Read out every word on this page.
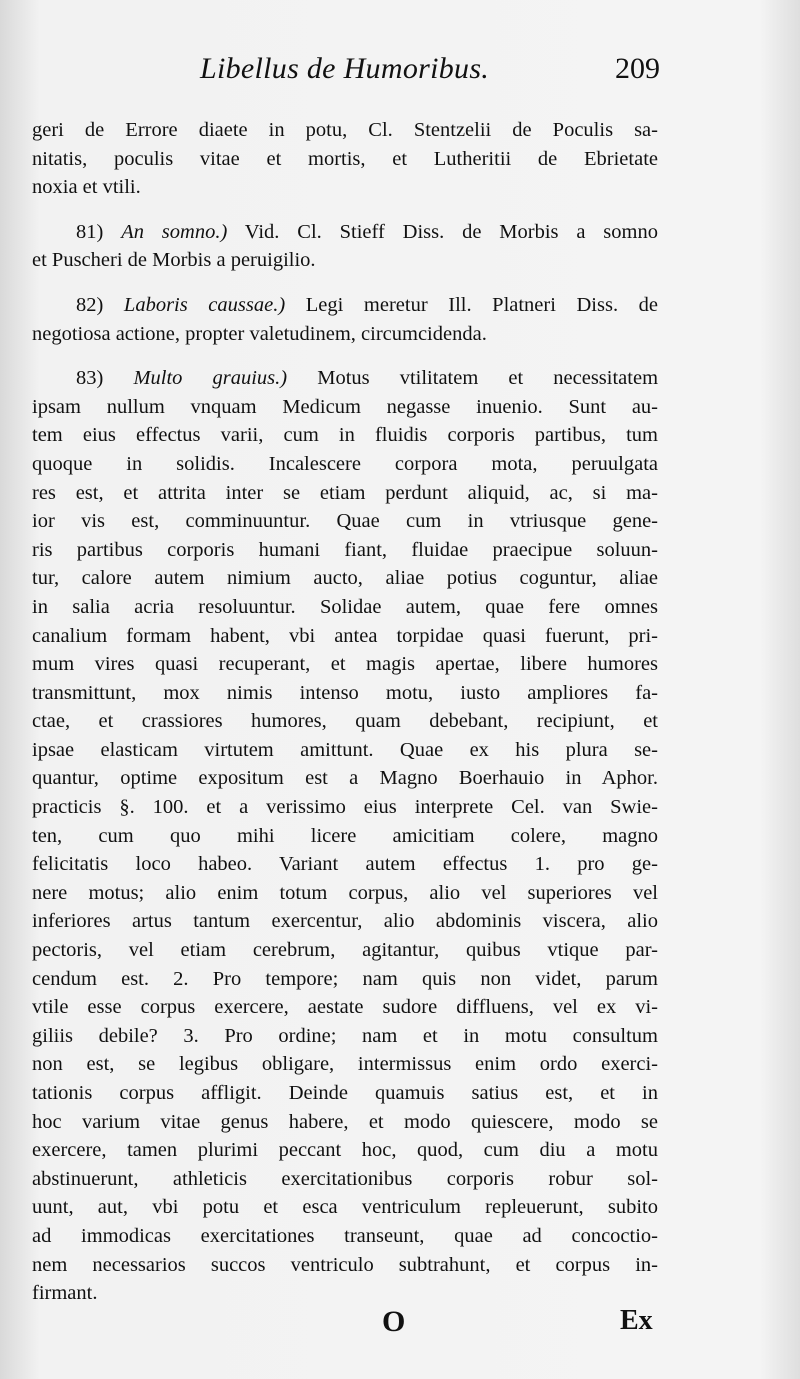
Libellus de Humoribus.	209
geri de Errore diaete in potu, Cl. Stentzelii de Poculis sa-
nitatis, poculis vitae et mortis, et Lutheritii de Ebrietate
noxia et vtili.
81) An somno.) Vid. Cl. Stieff Diss. de Morbis a somno
et Puscheri de Morbis a peruigilio.
82) Laboris caussae.) Legi meretur Ill. Platneri Diss. de
negotiosa actione, propter valetudinem, circumcidenda.
83) Multo grauius.) Motus vtilitatem et necessitatem
ipsam nullum vnquam Medicum negasse inuenio. Sunt au-
tem eius effectus varii, cum in fluidis corporis partibus, tum
quoque in solidis. Incalescere corpora mota, peruulgata
res est, et attrita inter se etiam perdunt aliquid, ac, si ma-
ior vis est, comminuuntur. Quae cum in vtriusque gene-
ris partibus corporis humani fiant, fluidae praecipue soluun-
tur, calore autem nimium aucto, aliae potius coguntur, aliae
in salia acria resoluuntur. Solidae autem, quae fere omnes
canalium formam habent, vbi antea torpidae quasi fuerunt, pri-
mum vires quasi recuperant, et magis apertae, libere humores
transmittunt, mox nimis intenso motu, iusto ampliores fa-
ctae, et crassiores humores, quam debebant, recipiunt, et
ipsae elasticam virtutem amittunt. Quae ex his plura se-
quantur, optime expositum est a Magno Boerhauio in Aphor.
practicis §. 100. et a verissimo eius interprete Cel. van Swie-
ten, cum quo mihi licere amicitiam colere, magno
felicitatis loco habeo. Variant autem effectus 1. pro ge-
nere motus; alio enim totum corpus, alio vel superiores vel
inferiores artus tantum exercentur, alio abdominis viscera, alio
pectoris, vel etiam cerebrum, agitantur, quibus vtique par-
cendum est. 2. Pro tempore; nam quis non videt, parum
vtile esse corpus exercere, aestate sudore diffluens, vel ex vi-
giliis debile? 3. Pro ordine; nam et in motu consultum
non est, se legibus obligare, intermissus enim ordo exerci-
tationis corpus affligit. Deinde quamuis satius est, et in
hoc varium vitae genus habere, et modo quiescere, modo se
exercere, tamen plurimi peccant hoc, quod, cum diu a motu
abstinuerunt, athleticis exercitationibus corporis robur sol-
uunt, aut, vbi potu et esca ventriculum repleuerunt, subito
ad immodicas exercitationes transeunt, quae ad concoctio-
nem necessarios succos ventriculo subtrahunt, et corpus in-
firmant.
O	Ex
